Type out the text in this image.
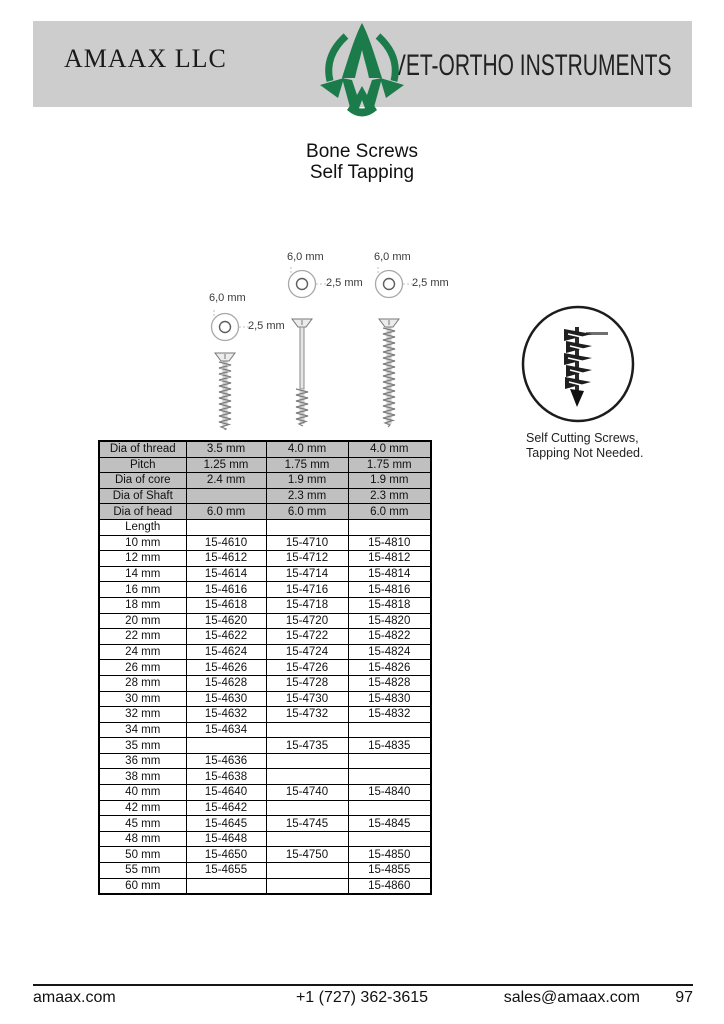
AMAAX LLC	VET-ORTHO INSTRUMENTS
Bone Screws
Self Tapping
6,0 mm
2,5 mm
6,0 mm
2,5 mm
6,0 mm
2,5 mm
Self Cutting Screws,
Tapping Not Needed.
Dia of thread	3.5 mm	4.0 mm	4.0 mm
Pitch	1.25 mm	1.75 mm	1.75 mm
Dia of core	2.4 mm	1.9 mm	1.9 mm
Dia of Shaft		2.3 mm	2.3 mm
Dia of head	6.0 mm	6.0 mm	6.0 mm
Length			
10 mm	15-4610	15-4710	15-4810
12 mm	15-4612	15-4712	15-4812
14 mm	15-4614	15-4714	15-4814
16 mm	15-4616	15-4716	15-4816
18 mm	15-4618	15-4718	15-4818
20 mm	15-4620	15-4720	15-4820
22 mm	15-4622	15-4722	15-4822
24 mm	15-4624	15-4724	15-4824
26 mm	15-4626	15-4726	15-4826
28 mm	15-4628	15-4728	15-4828
30 mm	15-4630	15-4730	15-4830
32 mm	15-4632	15-4732	15-4832
34 mm	15-4634		
35 mm		15-4735	15-4835
36 mm	15-4636		
38 mm	15-4638		
40 mm	15-4640	15-4740	15-4840
42 mm	15-4642		
45 mm	15-4645	15-4745	15-4845
48 mm	15-4648		
50 mm	15-4650	15-4750	15-4850
55 mm	15-4655		15-4855
60 mm			15-4860
+1 (727) 362-3615
amaax.com	sales@amaax.com 97
